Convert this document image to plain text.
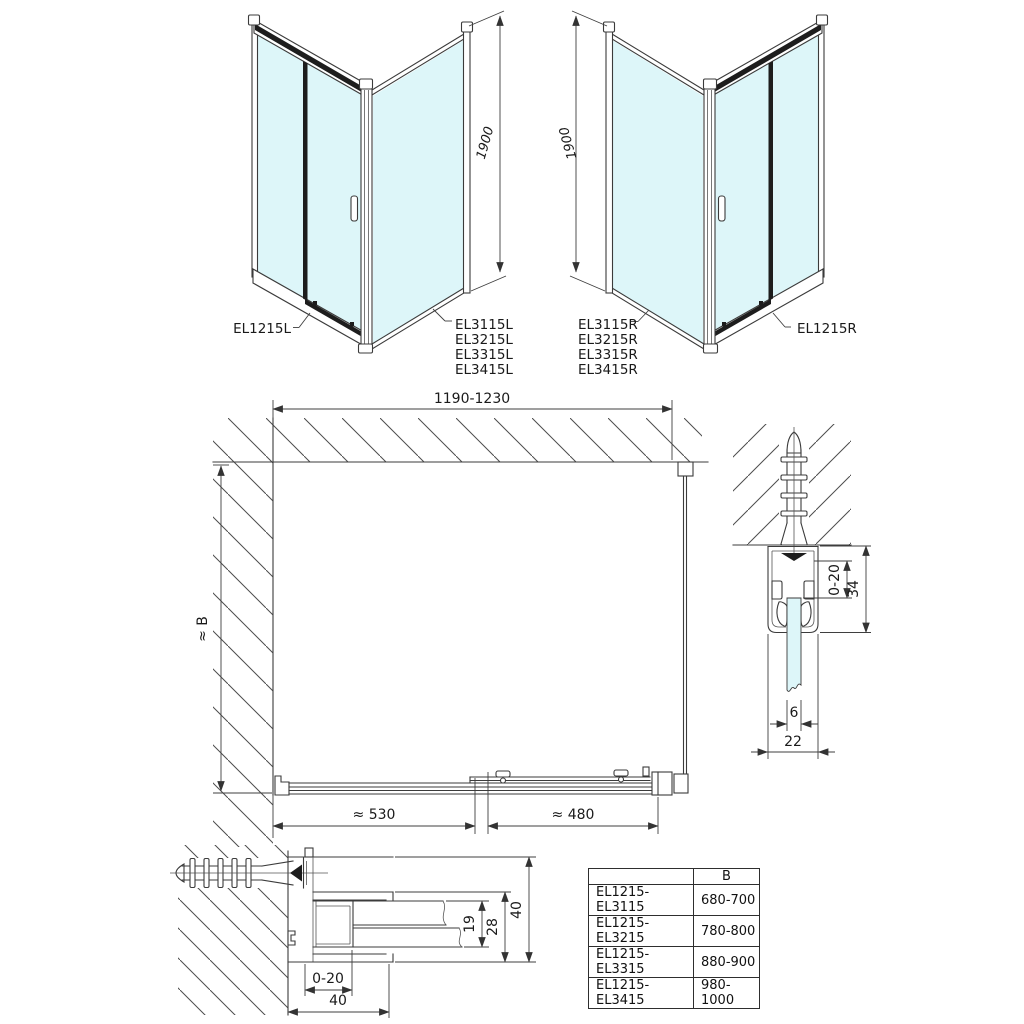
1900
EL1215L	EL3115L
EL3215L
EL3315L
EL3415L
1900
EL3115R
EL3215R
EL3315R
EL3415R
EL1215R
1190-1230
≈ B
≈ 530	≈ 480
0-20 34
6
22
19 28
40
0-20
40
	B
EL1215-EL3115	680-700
EL1215-EL3215	780-800
EL1215-EL3315	880-900
EL1215-EL3415	980-1000
